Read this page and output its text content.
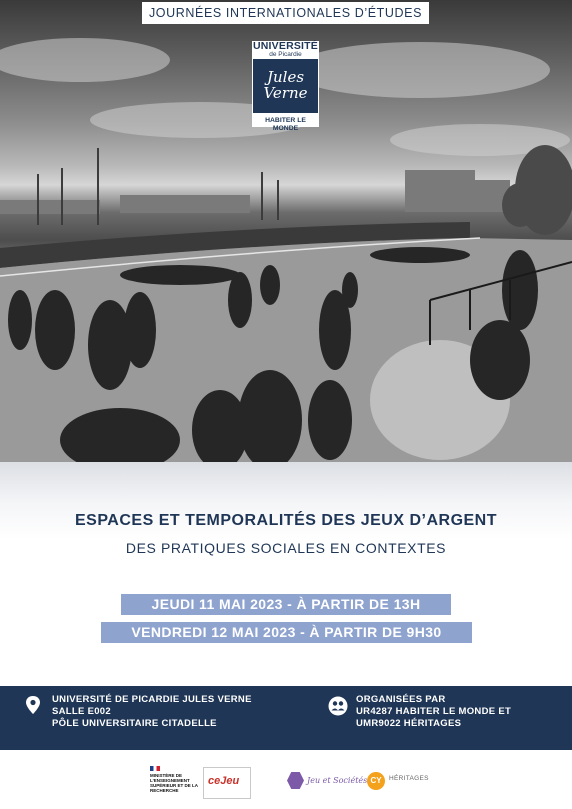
JOURNÉES INTERNATIONALES D’ÉTUDES
UNIVERSITÉ
de Picardie
Jules Verne
HABITER LE MONDE
ESPACES ET TEMPORALITÉS DES JEUX D’ARGENT
DES PRATIQUES SOCIALES EN CONTEXTES
JEUDI 11 MAI 2023 - À PARTIR DE 13H
VENDREDI 12 MAI 2023 - À PARTIR DE 9H30
UNIVERSITÉ DE PICARDIE JULES VERNE
SALLE E002
PÔLE UNIVERSITAIRE CITADELLE
ORGANISÉES PAR
UR4287 HABITER LE MONDE ET
UMR9022 HÉRITAGES
MINISTÈRE DE L’ENSEIGNEMENT SUPÉRIEUR ET DE LA RECHERCHE
ceJeu	Jeu et Sociétés CY	HÉRITAGES
